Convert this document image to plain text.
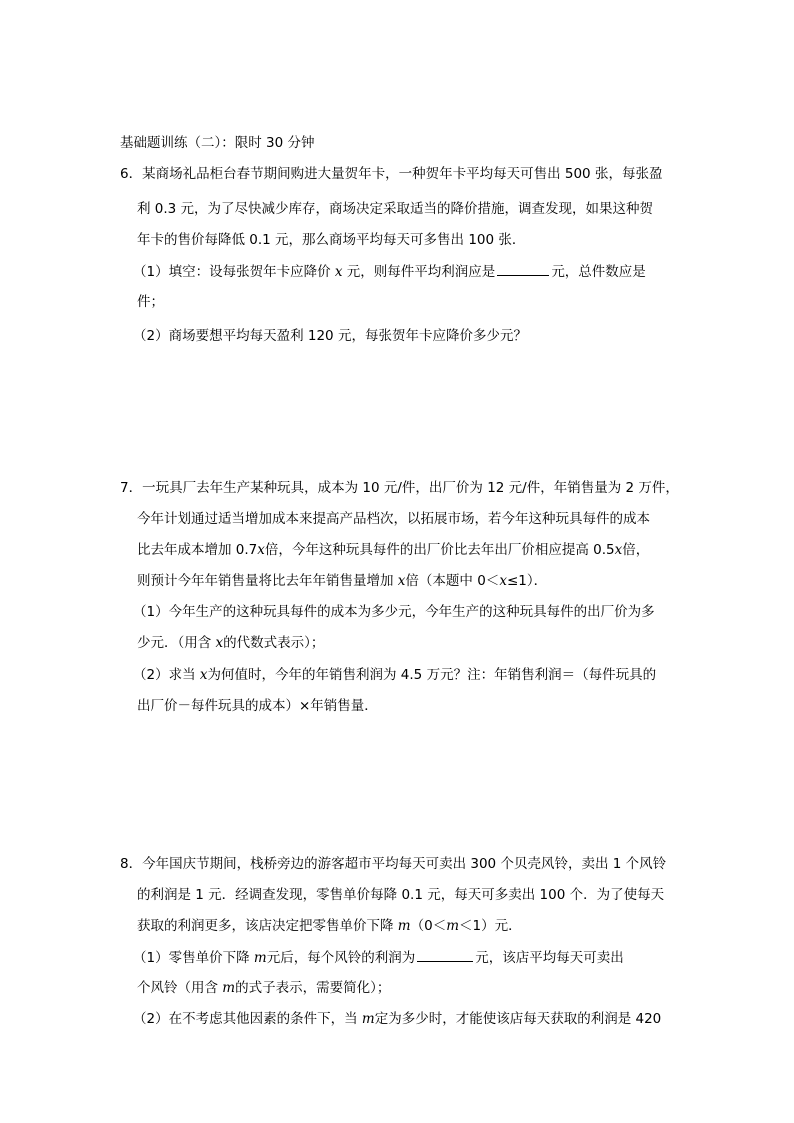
基础题训练（二）：限时 30 分钟
6．某商场礼品柜台春节期间购进大量贺年卡，一种贺年卡平均每天可售出 500 张，每张盈
利 0.3 元，为了尽快减少库存，商场决定采取适当的降价措施，调查发现，如果这种贺
年卡的售价每降低 0.1 元，那么商场平均每天可多售出 100 张．
（1）填空：设每张贺年卡应降价 x 元，则每件平均利润应是	元，总件数应是
件；
（2）商场要想平均每天盈利 120 元，每张贺年卡应降价多少元？
7．一玩具厂去年生产某种玩具，成本为 10 元/件，出厂价为 12 元/件，年销售量为 2 万件，
今年计划通过适当增加成本来提高产品档次，以拓展市场，若今年这种玩具每件的成本
比去年成本增加 0.7x倍，今年这种玩具每件的出厂价比去年出厂价相应提高 0.5x倍，
则预计今年年销售量将比去年年销售量增加 x倍（本题中 0＜x≤1）．
（1）今年生产的这种玩具每件的成本为多少元，今年生产的这种玩具每件的出厂价为多
少元．（用含 x的代数式表示）；
（2）求当 x为何值时，今年的年销售利润为 4.5 万元？注：年销售利润＝（每件玩具的
出厂价－每件玩具的成本）×年销售量．
8．今年国庆节期间，栈桥旁边的游客超市平均每天可卖出 300 个贝壳风铃，卖出 1 个风铃
的利润是 1 元．经调查发现，零售单价每降 0.1 元，每天可多卖出 100 个．为了使每天
获取的利润更多，该店决定把零售单价下降 m（0＜m＜1）元．
（1）零售单价下降 m元后，每个风铃的利润为	元，该店平均每天可卖出
个风铃（用含 m的式子表示，需要简化）；
（2）在不考虑其他因素的条件下，当 m定为多少时，才能使该店每天获取的利润是 420
